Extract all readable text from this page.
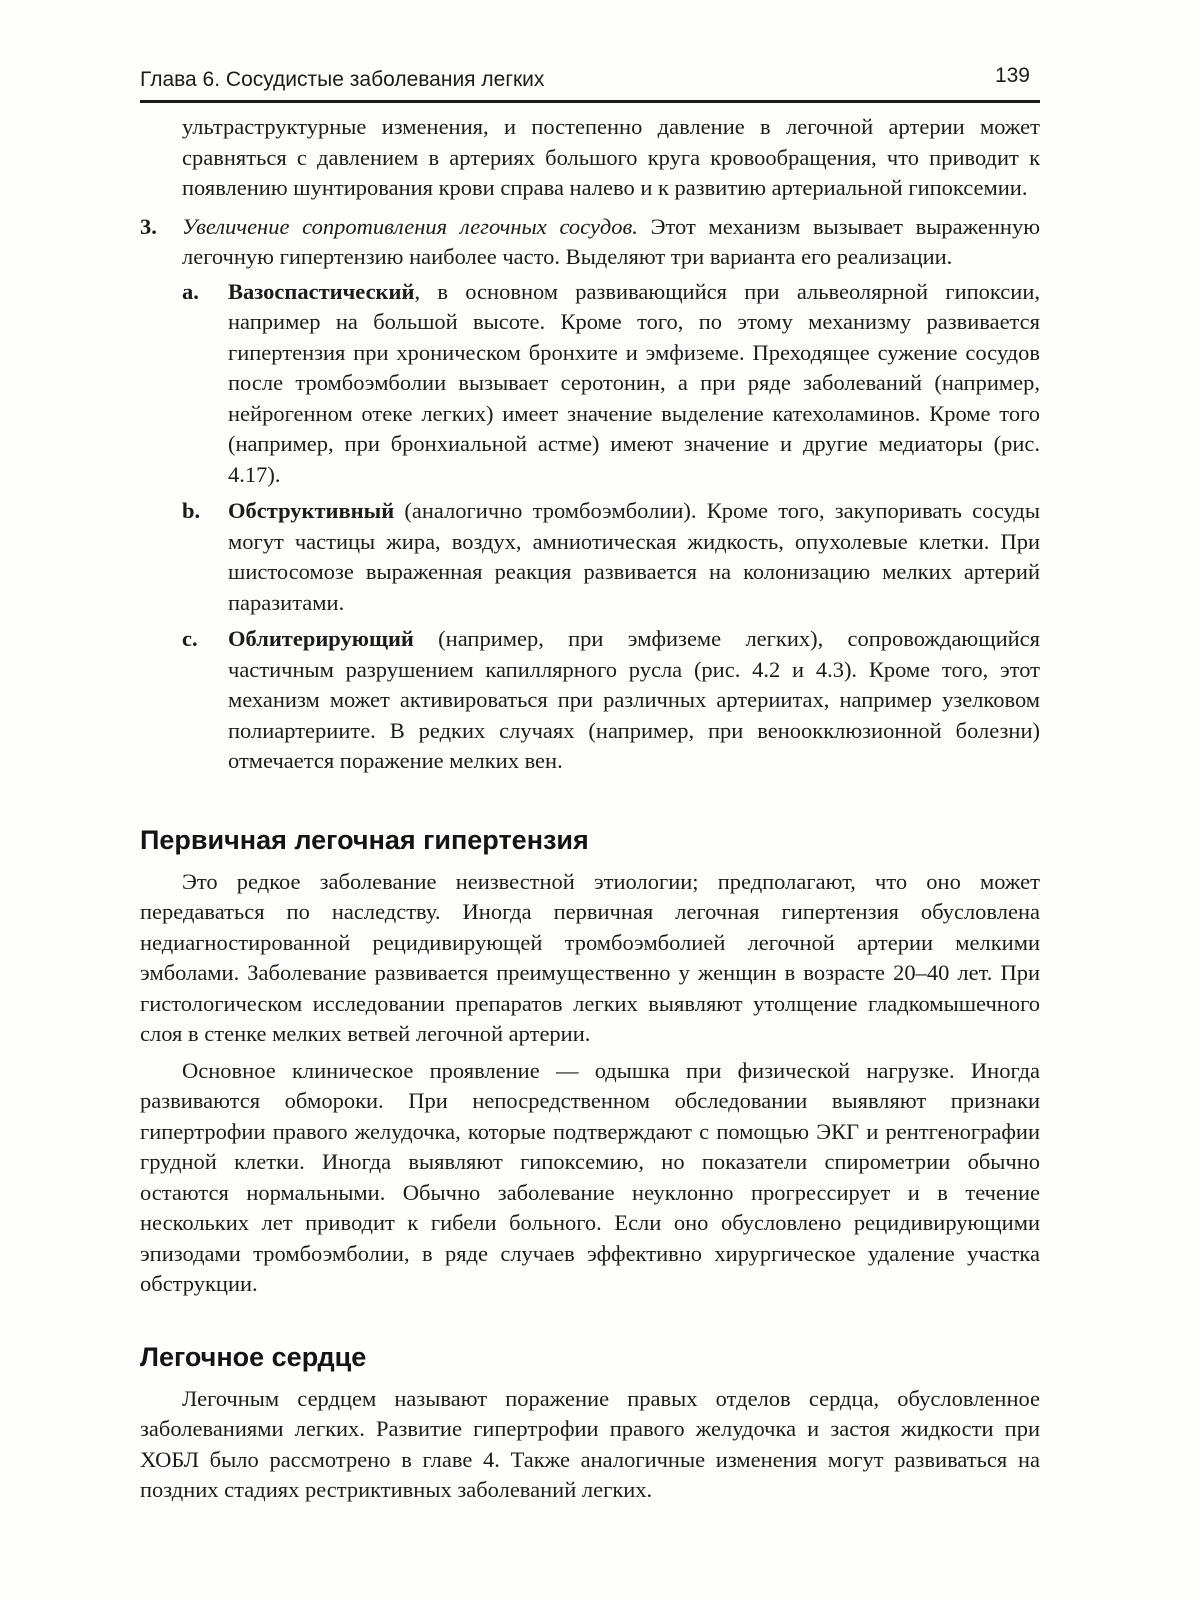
Глава 6. Сосудистые заболевания легких	139

ультраструктурные изменения, и постепенно давление в легочной артерии может сравняться с давлением в артериях большого круга кровообращения, что приводит к появлению шунтирования крови справа налево и к развитию артериальной гипоксемии.

3.	Увеличение сопротивления легочных сосудов. Этот механизм вызывает выраженную легочную гипертензию наиболее часто. Выделяют три варианта его реализации.

a.	Вазоспастический, в основном развивающийся при альвеолярной гипоксии, например на большой высоте. Кроме того, по этому механизму развивается гипертензия при хроническом бронхите и эмфиземе. Преходящее сужение сосудов после тромбоэмболии вызывает серотонин, а при ряде заболеваний (например, нейрогенном отеке легких) имеет значение выделение катехоламинов. Кроме того (например, при бронхиальной астме) имеют значение и другие медиаторы (рис. 4.17).

b.	Обструктивный (аналогично тромбоэмболии). Кроме того, закупоривать сосуды могут частицы жира, воздух, амниотическая жидкость, опухолевые клетки. При шистосомозе выраженная реакция развивается на колонизацию мелких артерий паразитами.

c.	Облитерирующий (например, при эмфиземе легких), сопровождающийся частичным разрушением капиллярного русла (рис. 4.2 и 4.3). Кроме того, этот механизм может активироваться при различных артериитах, например узелковом полиартериите. В редких случаях (например, при веноокклюзионной болезни) отмечается поражение мелких вен.

Первичная легочная гипертензия

Это редкое заболевание неизвестной этиологии; предполагают, что оно может передаваться по наследству. Иногда первичная легочная гипертензия обусловлена недиагностированной рецидивирующей тромбоэмболией легочной артерии мелкими эмболами. Заболевание развивается преимущественно у женщин в возрасте 20–40 лет. При гистологическом исследовании препаратов легких выявляют утолщение гладкомышечного слоя в стенке мелких ветвей легочной артерии.

Основное клиническое проявление — одышка при физической нагрузке. Иногда развиваются обмороки. При непосредственном обследовании выявляют признаки гипертрофии правого желудочка, которые подтверждают с помощью ЭКГ и рентгенографии грудной клетки. Иногда выявляют гипоксемию, но показатели спирометрии обычно остаются нормальными. Обычно заболевание неуклонно прогрессирует и в течение нескольких лет приводит к гибели больного. Если оно обусловлено рецидивирующими эпизодами тромбоэмболии, в ряде случаев эффективно хирургическое удаление участка обструкции.

Легочное сердце

Легочным сердцем называют поражение правых отделов сердца, обусловленное заболеваниями легких. Развитие гипертрофии правого желудочка и застоя жидкости при ХОБЛ было рассмотрено в главе 4. Также аналогичные изменения могут развиваться на поздних стадиях рестриктивных заболеваний легких.
